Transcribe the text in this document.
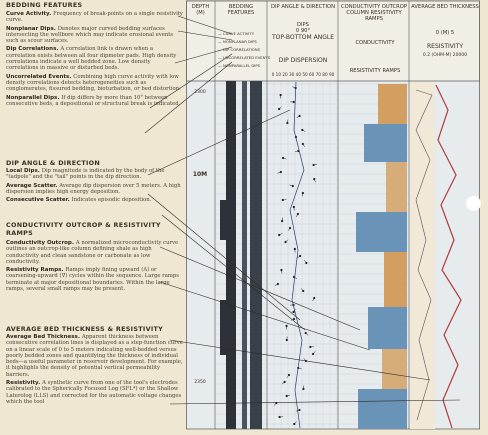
BEDDING FEATURES

Curve Activity. Frequency of break-points on a single resistivity curve.

Nonplanar Dips. Denotes major curved bedding surfaces intersecting the wellbore which may indicate erosional events such as scour surfaces.

Dip Correlations. A correlation link is drawn when a correlation exists between all four dipmeter pads. High density correlations indicate a well bedded zone. Low density correlations in massive or disturbed beds.

Uncorrelated Events. Combining high curve activity with low density correlations detects heterogeneities such as conglomerates, fissured bedding, bioturbation, or bed distortion.

Nonparallel Dips. If dip differs by more than 10° between consecutive beds, a depositional or structural break is indicated.

DIP ANGLE & DIRECTION

Local Dips. Dip magnitude is indicated by the body of the "tadpole" and the "tail" points in the dip direction.

Average Scatter. Average dip dispersion over 5 meters. A high dispersion implies high energy deposition.

Consecutive Scatter. Indicates episodic deposition.

CONDUCTIVITY OUTCROP & RESISTIVITY RAMPS

Conductivity Outcrop. A normalized microconductivity curve outlines an outcrop-like column defining shale as high conductivity and clean sandstone or carbonate as low conductivity.

Resistivity Ramps. Ramps imply fining upward (Δ) or coarsening-upward (∇) cycles within the sequence. Large ramps terminate at major depositional boundaries. Within the large ramps, several small ramps may be present.

AVERAGE BED THICKNESS & RESISTIVITY

Average Bed Thickness. Apparent thickness between consecutive correlation lines is displayed as a step-function curve on a linear scale of 0 to 5 meters indicating well-bedded versus poorly bedded zones and quantifying the thickness of individual beds—a useful parameter in reservoir development. For example, it highlights the density of potential vertical permeability barriers.

Resistivity. A synthetic curve from one of the tool's electrodes calibrated to the Spherically Focused Log (SFL*) or the Shallow Laterolog (LLS) and corrected for the automatic voltage changes which the tool

DEPTH (M)
BEDDING FEATURES
DIP ANGLE & DIRECTION	CONDUCTIVITY OUTCROP COLUMN RESISTIVITY RAMPS
AVERAGE BED THICKNESS
— CURVE ACTIVITY
— NONPLANAR DIPS
— DIP CORRELATIONS
— UNCORRELATED EVENTS
— NONPARALLEL DIPS
DIPS
0 90°
TOP-BOTTOM ANGLE
DIP DISPERSION
0 10 20 30 40 50 60 70 80 90
CONDUCTIVITY
RESISTIVITY RAMPS
0 (M) 5
RESISTIVITY
0.2 (OHM-M) 20000
2300
10M
2350
